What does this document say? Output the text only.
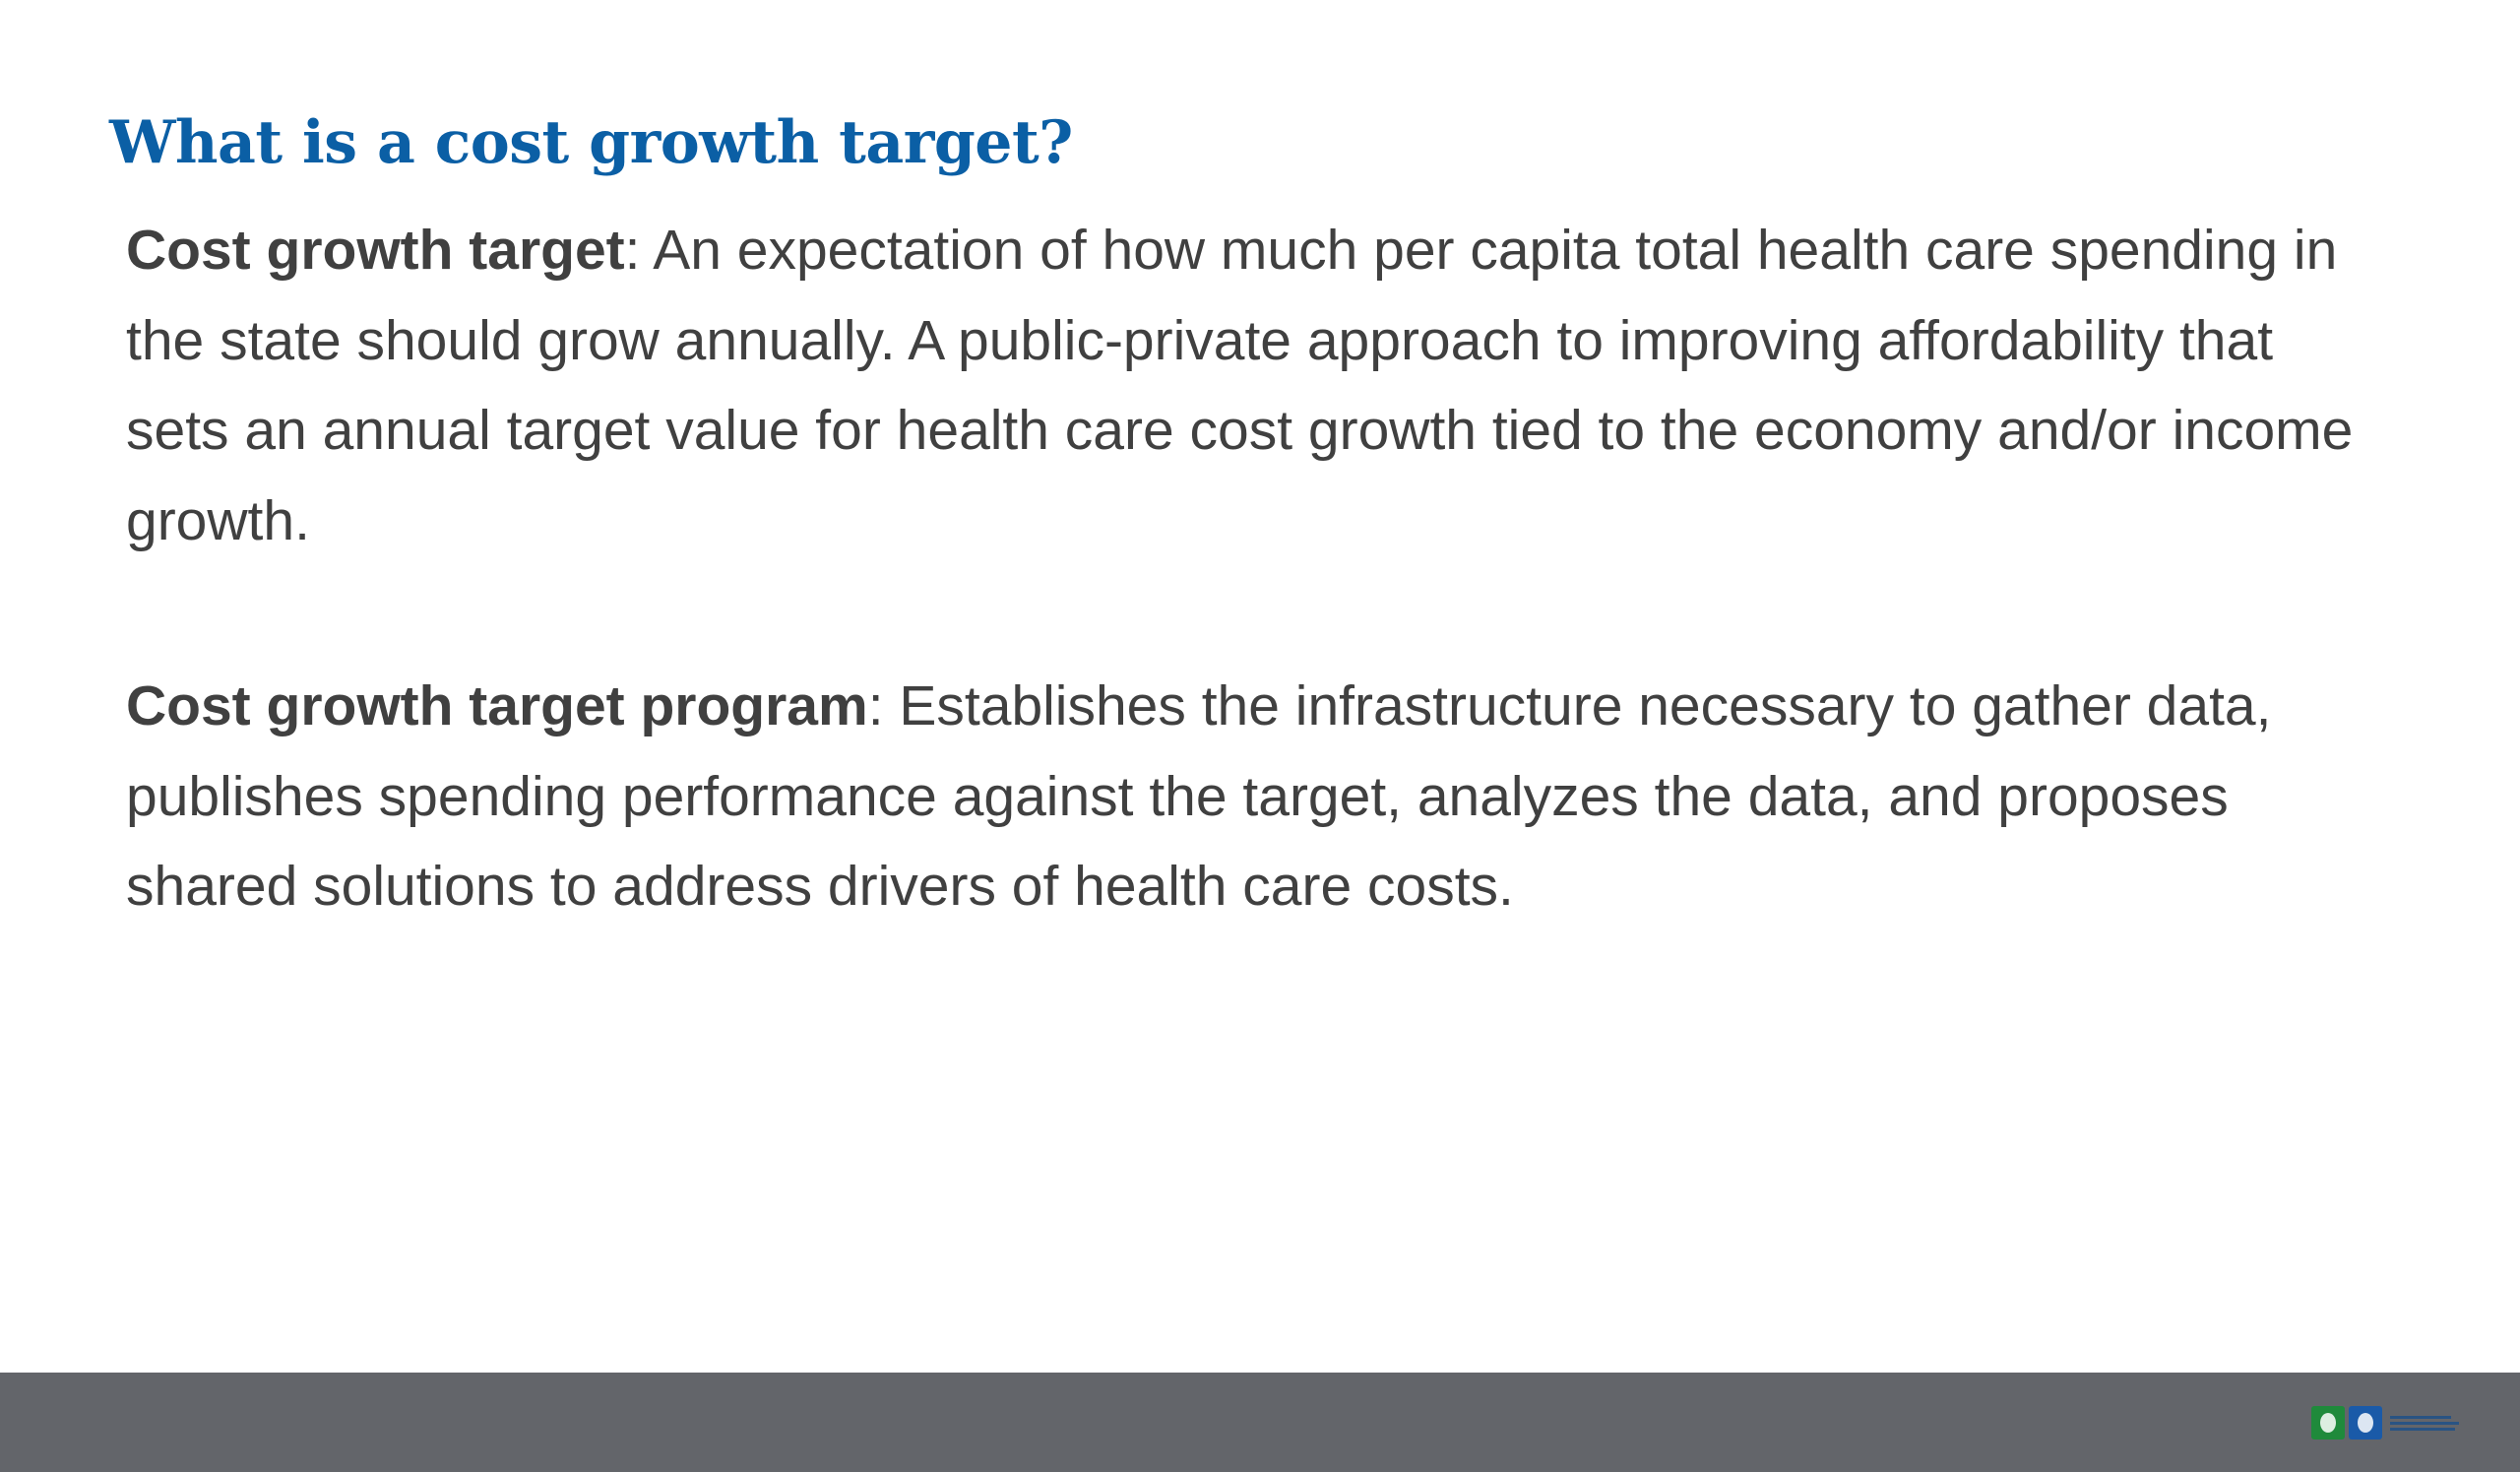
What is a cost growth target?

Cost growth target: An expectation of how much per capita total health care spending in the state should grow annually. A public-private approach to improving affordability that sets an annual target value for health care cost growth tied to the economy and/or income growth.

Cost growth target program: Establishes the infrastructure necessary to gather data, publishes spending performance against the target, analyzes the data, and proposes shared solutions to address drivers of health care costs.
